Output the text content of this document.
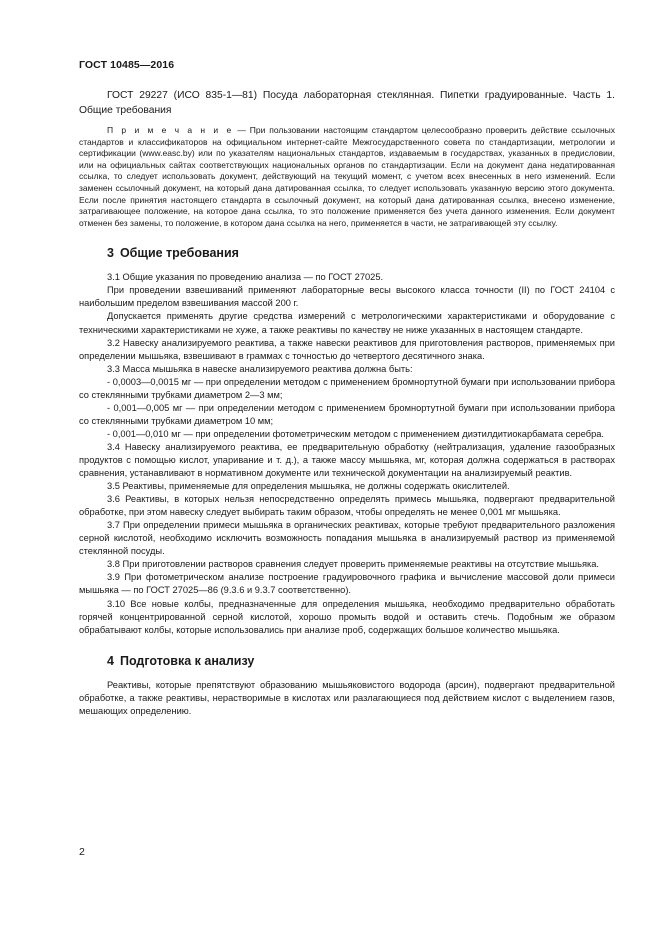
ГОСТ 10485—2016

ГОСТ 29227 (ИСО 835-1—81) Посуда лабораторная стеклянная. Пипетки градуированные. Часть 1. Общие требования

П р и м е ч а н и е — При пользовании настоящим стандартом целесообразно проверить действие ссылочных стандартов и классификаторов на официальном интернет-сайте Межгосударственного совета по стандартизации, метрологии и сертификации (www.easc.by) или по указателям национальных стандартов, издаваемым в государствах, указанных в предисловии, или на официальных сайтах соответствующих национальных органов по стандартизации. Если на документ дана недатированная ссылка, то следует использовать документ, действующий на текущий момент, с учетом всех внесенных в него изменений. Если заменен ссылочный документ, на который дана датированная ссылка, то следует использовать указанную версию этого документа. Если после принятия настоящего стандарта в ссылочный документ, на который дана датированная ссылка, внесено изменение, затрагивающее положение, на которое дана ссылка, то это положение применяется без учета данного изменения. Если документ отменен без замены, то положение, в котором дана ссылка на него, применяется в части, не затрагивающей эту ссылку.

3 Общие требования

3.1 Общие указания по проведению анализа — по ГОСТ 27025.

При проведении взвешиваний применяют лабораторные весы высокого класса точности (II) по ГОСТ 24104 с наибольшим пределом взвешивания массой 200 г.

Допускается применять другие средства измерений с метрологическими характеристиками и оборудование с техническими характеристиками не хуже, а также реактивы по качеству не ниже указанных в настоящем стандарте.

3.2 Навеску анализируемого реактива, а также навески реактивов для приготовления растворов, применяемых при определении мышьяка, взвешивают в граммах с точностью до четвертого десятичного знака.

3.3 Масса мышьяка в навеске анализируемого реактива должна быть:

- 0,0003—0,0015 мг — при определении методом с применением бромнортутной бумаги при использовании прибора со стеклянными трубками диаметром 2—3 мм;

- 0,001—0,005 мг — при определении методом с применением бромнортутной бумаги при использовании прибора со стеклянными трубками диаметром 10 мм;

- 0,001—0,010 мг — при определении фотометрическим методом с применением диэтилдитиокарбамата серебра.

3.4 Навеску анализируемого реактива, ее предварительную обработку (нейтрализация, удаление газообразных продуктов с помощью кислот, упаривание и т. д.), а также массу мышьяка, мг, которая должна содержаться в растворах сравнения, устанавливают в нормативном документе или технической документации на анализируемый реактив.

3.5 Реактивы, применяемые для определения мышьяка, не должны содержать окислителей.

3.6 Реактивы, в которых нельзя непосредственно определять примесь мышьяка, подвергают предварительной обработке, при этом навеску следует выбирать таким образом, чтобы определять не менее 0,001 мг мышьяка.

3.7 При определении примеси мышьяка в органических реактивах, которые требуют предварительного разложения серной кислотой, необходимо исключить возможность попадания мышьяка в анализируемый раствор из применяемой стеклянной посуды.

3.8 При приготовлении растворов сравнения следует проверить применяемые реактивы на отсутствие мышьяка.

3.9 При фотометрическом анализе построение градуировочного графика и вычисление массовой доли примеси мышьяка — по ГОСТ 27025—86 (9.3.6 и 9.3.7 соответственно).

3.10 Все новые колбы, предназначенные для определения мышьяка, необходимо предварительно обработать горячей концентрированной серной кислотой, хорошо промыть водой и оставить стечь. Подобным же образом обрабатывают колбы, которые использовались при анализе проб, содержащих большое количество мышьяка.

4 Подготовка к анализу

Реактивы, которые препятствуют образованию мышьяковистого водорода (арсин), подвергают предварительной обработке, а также реактивы, нерастворимые в кислотах или разлагающиеся под действием кислот с выделением газов, мешающих определению.

2
